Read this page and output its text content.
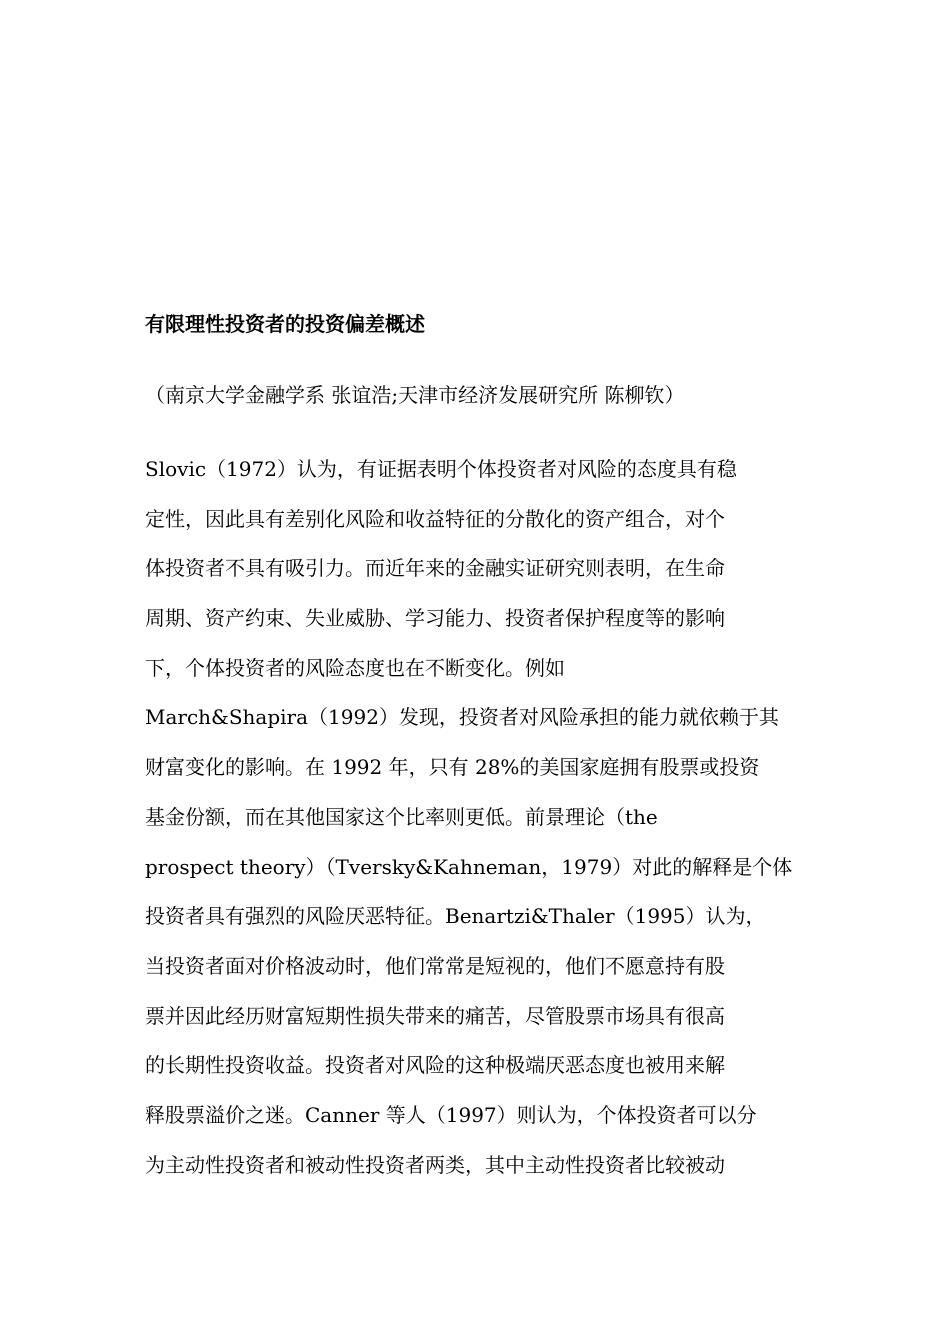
有限理性投资者的投资偏差概述
（南京大学金融学系 张谊浩;天津市经济发展研究所 陈柳钦）
Slovic（1972）认为，有证据表明个体投资者对风险的态度具有稳
定性，因此具有差别化风险和收益特征的分散化的资产组合，对个
体投资者不具有吸引力。而近年来的金融实证研究则表明，在生命
周期、资产约束、失业威胁、学习能力、投资者保护程度等的影响
下，个体投资者的风险态度也在不断变化。例如
March&Shapira（1992）发现，投资者对风险承担的能力就依赖于其
财富变化的影响。在 1992 年，只有 28%的美国家庭拥有股票或投资
基金份额，而在其他国家这个比率则更低。前景理论（the
prospect theory）（Tversky&Kahneman，1979）对此的解释是个体
投资者具有强烈的风险厌恶特征。Benartzi&Thaler（1995）认为，
当投资者面对价格波动时，他们常常是短视的，他们不愿意持有股
票并因此经历财富短期性损失带来的痛苦，尽管股票市场具有很高
的长期性投资收益。投资者对风险的这种极端厌恶态度也被用来解
释股票溢价之迷。Canner 等人（1997）则认为，个体投资者可以分
为主动性投资者和被动性投资者两类，其中主动性投资者比较被动
